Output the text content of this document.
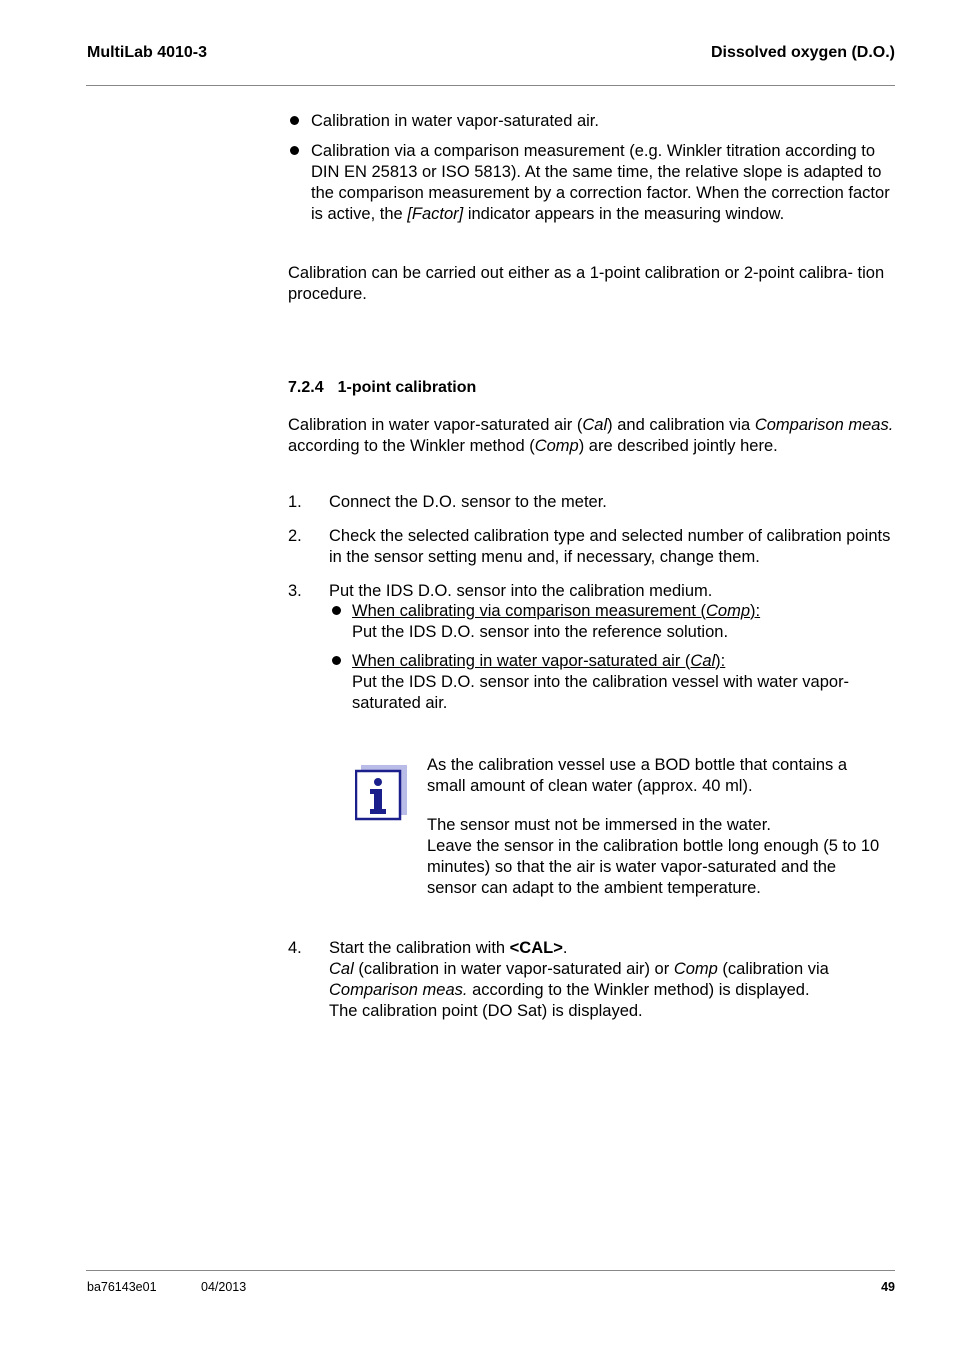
MultiLab 4010-3	Dissolved oxygen (D.O.)
Calibration in water vapor-saturated air.
Calibration via a comparison measurement (e.g. Winkler titration according to DIN EN 25813 or ISO 5813). At the same time, the relative slope is adapted to the comparison measurement by a correction factor. When the correction factor is active, the [Factor] indicator appears in the measuring window.
Calibration can be carried out either as a 1-point calibration or 2-point calibra- tion procedure.
7.2.4 1-point calibration
Calibration in water vapor-saturated air (Cal) and calibration via Comparison meas. according to the Winkler method (Comp) are described jointly here.
1. Connect the D.O. sensor to the meter.
2. Check the selected calibration type and selected number of calibration points in the sensor setting menu and, if necessary, change them.
3. Put the IDS D.O. sensor into the calibration medium.
When calibrating via comparison measurement (Comp):
Put the IDS D.O. sensor into the reference solution.
When calibrating in water vapor-saturated air (Cal):
Put the IDS D.O. sensor into the calibration vessel with water vapor- saturated air.
As the calibration vessel use a BOD bottle that contains a small amount of clean water (approx. 40 ml).
The sensor must not be immersed in the water.
Leave the sensor in the calibration bottle long enough (5 to 10 minutes) so that the air is water vapor-saturated and the sensor can adapt to the ambient temperature.
4. Start the calibration with <CAL>.
Cal (calibration in water vapor-saturated air) or Comp (calibration via
Comparison meas. according to the Winkler method) is displayed.
The calibration point (DO Sat) is displayed.
ba76143e01	04/2013	49
